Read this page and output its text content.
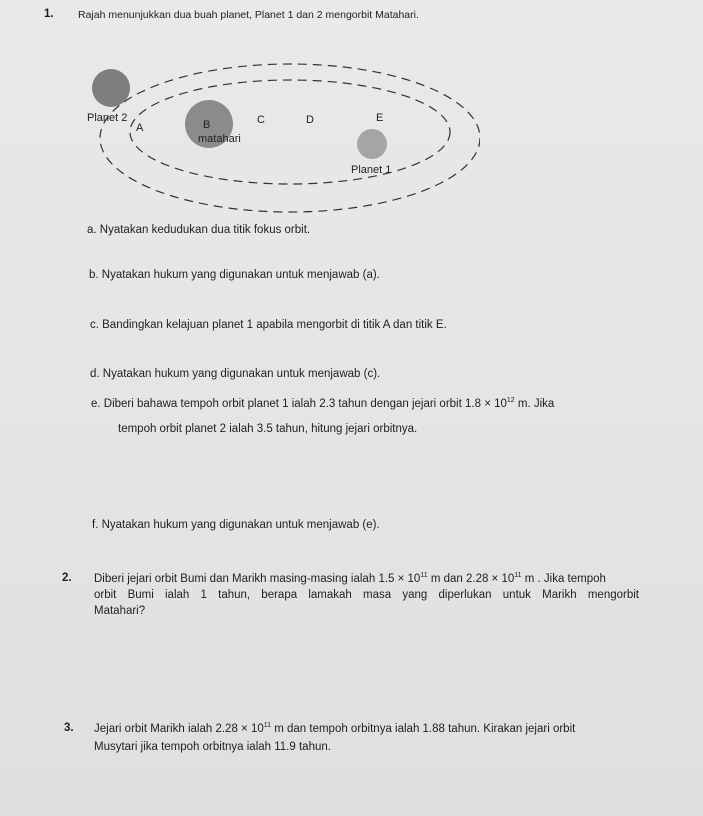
1. Rajah menunjukkan dua buah planet, Planet 1 dan 2 mengorbit Matahari.
Planet 2
A	B
matahari
C	D	E
Planet 1
a. Nyatakan kedudukan dua titik fokus orbit.
b. Nyatakan hukum yang digunakan untuk menjawab (a).
c. Bandingkan kelajuan planet 1 apabila mengorbit di titik A dan titik E.
d. Nyatakan hukum yang digunakan untuk menjawab (c).
e. Diberi bahawa tempoh orbit planet 1 ialah 2.3 tahun dengan jejari orbit $1.8 \times 10^{12}$ m. Jika
tempoh orbit planet 2 ialah 3.5 tahun, hitung jejari orbitnya.
f. Nyatakan hukum yang digunakan untuk menjawab (e).
2. Diberi jejari orbit Bumi dan Marikh masing-masing ialah $1.5 \times 10^{11}$ m dan $2.28 \times 10^{11}$ m . Jika tempoh
orbit Bumi ialah 1 tahun, berapa lamakah masa yang diperlukan untuk Marikh mengorbit
Matahari?
3. Jejari orbit Marikh ialah $2.28 \times 10^{11}$ m dan tempoh orbitnya ialah 1.88 tahun. Kirakan jejari orbit
Musytari jika tempoh orbitnya ialah 11.9 tahun.
